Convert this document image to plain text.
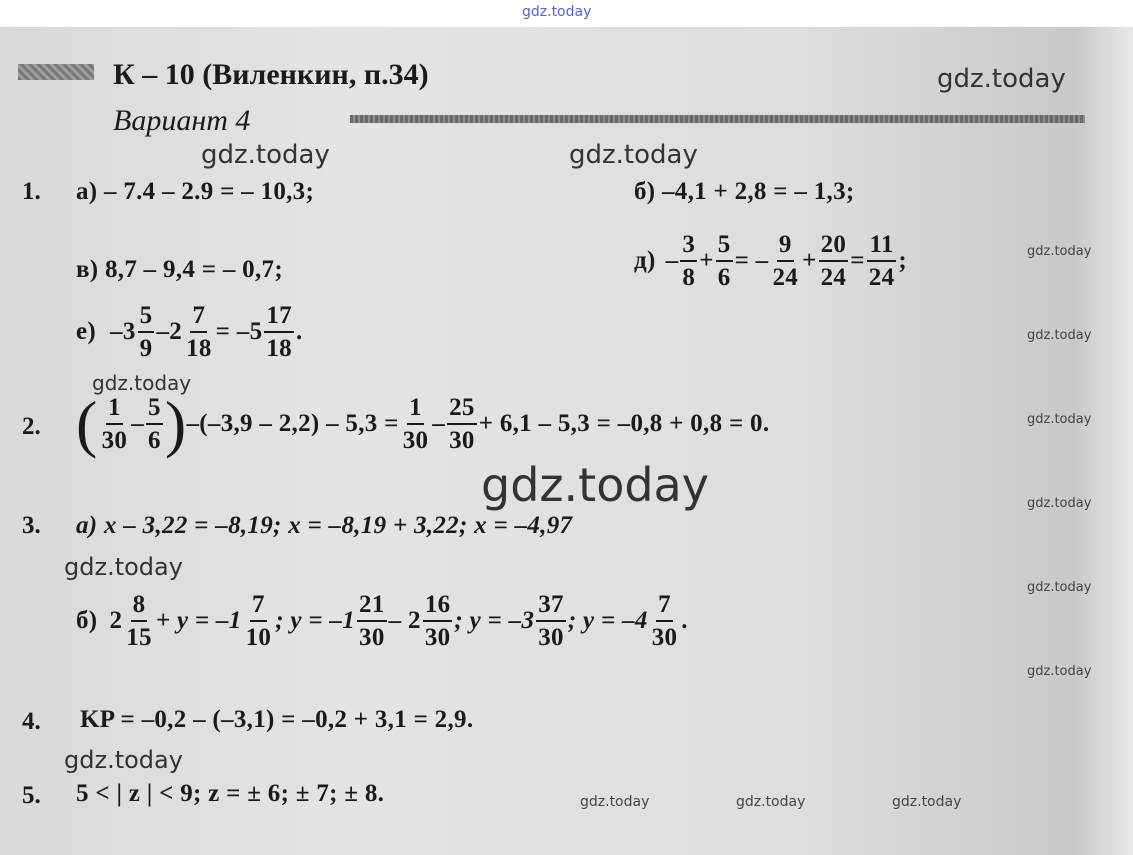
gdz.today
К – 10 (Виленкин, п.34)
Вариант 4
gdz.today
gdz.today	gdz.today
gdz.today
gdz.today
gdz.today
gdz.today
gdz.today
gdz.today
gdz.today
gdz.today
gdz.today
gdz.today
gdz.today	gdz.today	gdz.today
1. а) – 7.4 – 2.9 = – 10,3;	б) –4,1 + 2,8 = – 1,3;
в) 8,7 – 9,4 = – 0,7;	$д) - \frac{3}{8} + \frac{5}{6}$ = – $\frac{9}{24} + \frac{20}{24} = \frac{11}{24}$ ;
е) $-3 \frac{5}{9} -2 \frac{7}{18} = -5 \frac{17}{18}$ .
2. ( $\frac{1}{30} - \frac{5}{6}$ ) $-(-3,9 - 2,2) - 5,3 = \frac{1}{30} - \frac{25}{30} + 6,1 - 5,3 = -0,8 + 0,8 = 0$.
3. а) x – 3,22 = –8,19; x = –8,19 + 3,22; x = –4,97
б) $2 \frac{8}{15} + y = -1 \frac{7}{10}$ ; $y = -1 \frac{21}{30} - 2 \frac{16}{30}$ ; $y = -3 \frac{37}{30}$ ; $y = -4 \frac{7}{30}$ .
4. KP = –0,2 – (–3,1) = –0,2 + 3,1 = 2,9.
5. 5 < | z | < 9; z = ± 6; ± 7; ± 8.
